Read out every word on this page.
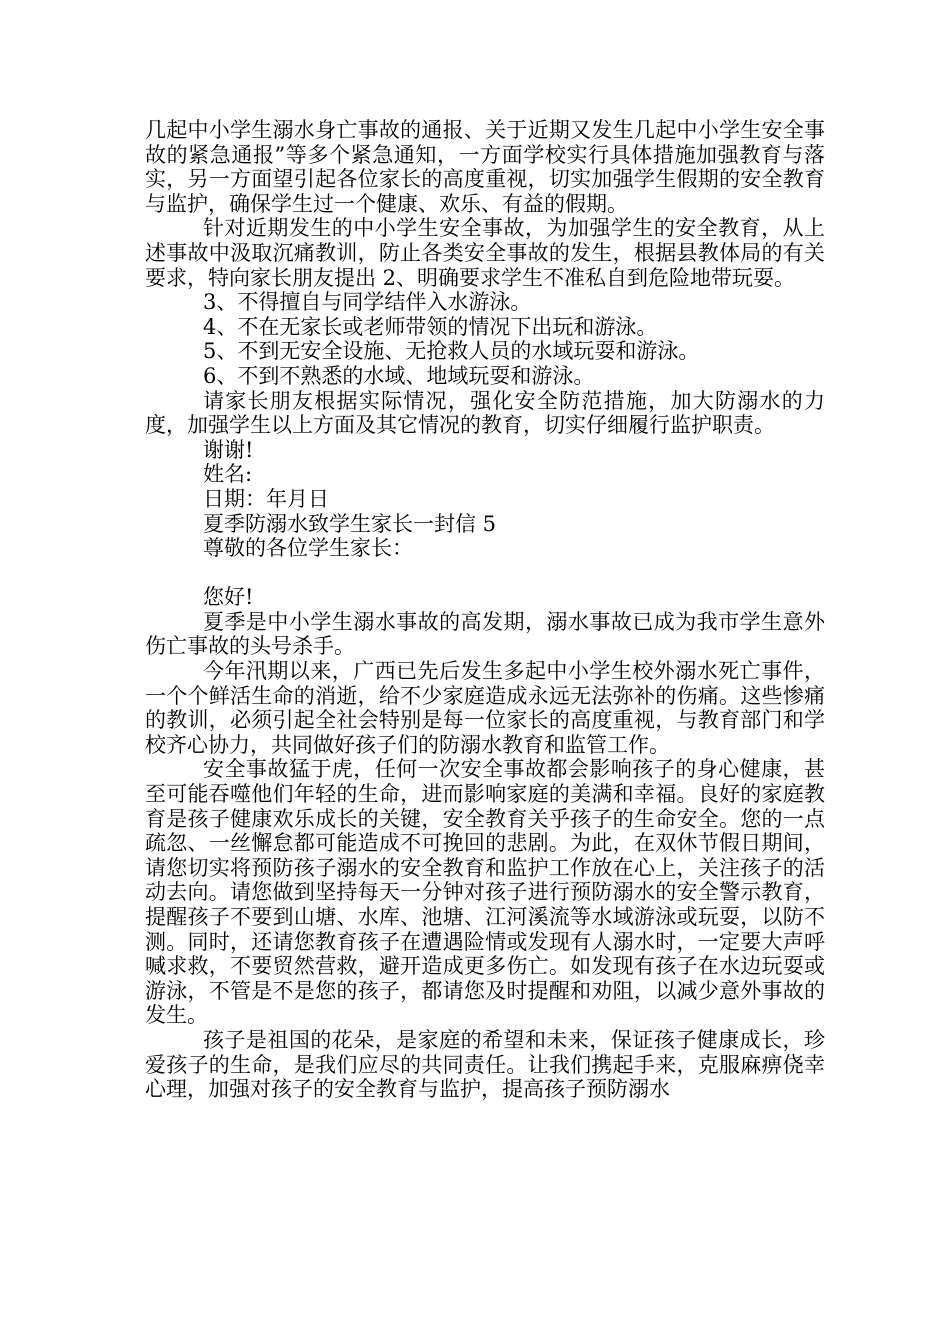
几起中小学生溺水身亡事故的通报、关于近期又发生几起中小学生安全事故的紧急通报”等多个紧急通知，一方面学校实行具体措施加强教育与落实，另一方面望引起各位家长的高度重视，切实加强学生假期的安全教育与监护，确保学生过一个健康、欢乐、有益的假期。

针对近期发生的中小学生安全事故，为加强学生的安全教育，从上述事故中汲取沉痛教训，防止各类安全事故的发生，根据县教体局的有关要求，特向家长朋友提出 2、明确要求学生不准私自到危险地带玩耍。

3、不得擅自与同学结伴入水游泳。

4、不在无家长或老师带领的情况下出玩和游泳。

5、不到无安全设施、无抢救人员的水域玩耍和游泳。

6、不到不熟悉的水域、地域玩耍和游泳。

请家长朋友根据实际情况，强化安全防范措施，加大防溺水的力度，加强学生以上方面及其它情况的教育，切实仔细履行监护职责。

谢谢!

姓名:

日期：年月日

夏季防溺水致学生家长一封信 5

尊敬的各位学生家长：

您好!

夏季是中小学生溺水事故的高发期，溺水事故已成为我市学生意外伤亡事故的头号杀手。

今年汛期以来，广西已先后发生多起中小学生校外溺水死亡事件，一个个鲜活生命的消逝，给不少家庭造成永远无法弥补的伤痛。这些惨痛的教训，必须引起全社会特别是每一位家长的高度重视，与教育部门和学校齐心协力，共同做好孩子们的防溺水教育和监管工作。

安全事故猛于虎，任何一次安全事故都会影响孩子的身心健康，甚至可能吞噬他们年轻的生命，进而影响家庭的美满和幸福。良好的家庭教育是孩子健康欢乐成长的关键，安全教育关乎孩子的生命安全。您的一点疏忽、一丝懈怠都可能造成不可挽回的悲剧。为此，在双休节假日期间，请您切实将预防孩子溺水的安全教育和监护工作放在心上，关注孩子的活动去向。请您做到坚持每天一分钟对孩子进行预防溺水的安全警示教育，提醒孩子不要到山塘、水库、池塘、江河溪流等水域游泳或玩耍，以防不测。同时，还请您教育孩子在遭遇险情或发现有人溺水时，一定要大声呼喊求救，不要贸然营救，避开造成更多伤亡。如发现有孩子在水边玩耍或游泳，不管是不是您的孩子，都请您及时提醒和劝阻，以减少意外事故的发生。

孩子是祖国的花朵，是家庭的希望和未来，保证孩子健康成长，珍爱孩子的生命，是我们应尽的共同责任。让我们携起手来，克服麻痹侥幸心理，加强对孩子的安全教育与监护，提高孩子预防溺水
